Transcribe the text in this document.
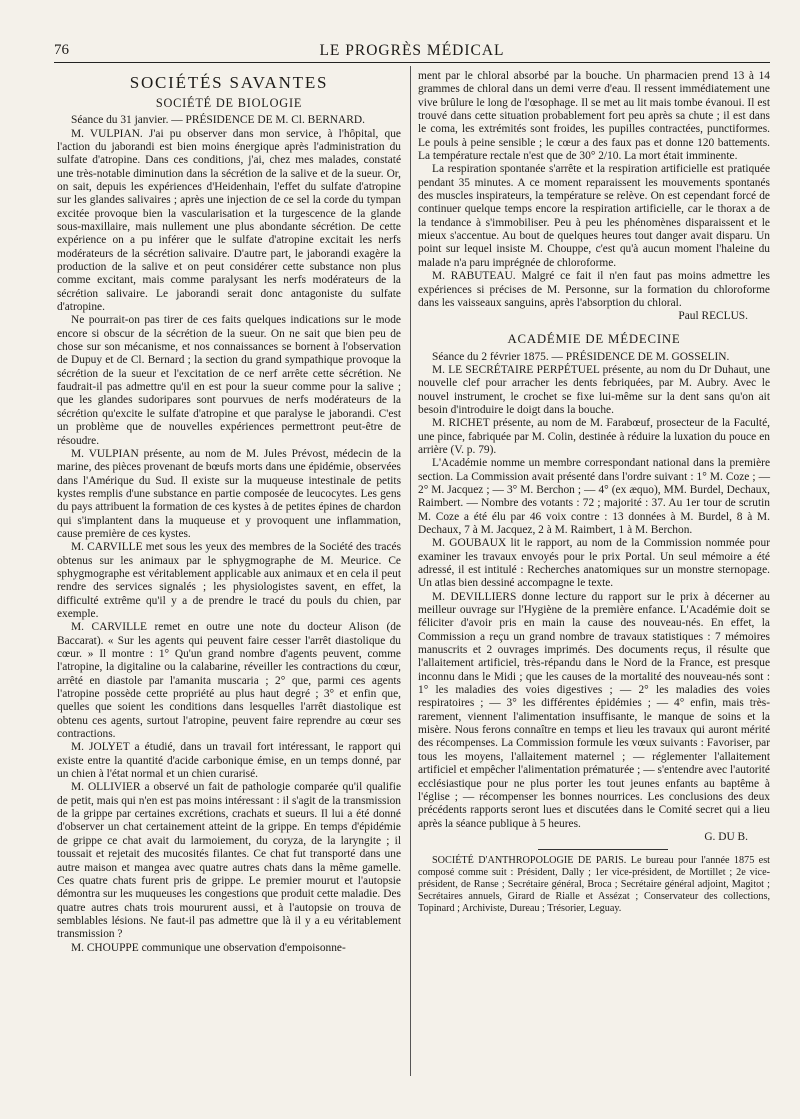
76	LE PROGRÈS MÉDICAL
SOCIÉTÉS SAVANTES
SOCIÉTÉ DE BIOLOGIE

Séance du 31 janvier. — PRÉSIDENCE DE M. Cl. BERNARD.

M. VULPIAN. J'ai pu observer dans mon service, à l'hôpital, que l'action du jaborandi est bien moins énergique après l'administration du sulfate d'atropine. Dans ces conditions, j'ai, chez mes malades, constaté une très-notable diminution dans la sécrétion de la salive et de la sueur. Or, on sait, depuis les expériences d'Heidenhain, l'effet du sulfate d'atropine sur les glandes salivaires ; après une injection de ce sel la corde du tympan excitée provoque bien la vascularisation et la turgescence de la glande sous-maxillaire, mais nullement une plus abondante sécrétion. De cette expérience on a pu inférer que le sulfate d'atropine excitait les nerfs modérateurs de la sécrétion salivaire. D'autre part, le jaborandi exagère la production de la salive et on peut considérer cette substance non plus comme excitant, mais comme paralysant les nerfs modérateurs de la sécrétion salivaire. Le jaborandi serait donc antagoniste du sulfate d'atropine.

Ne pourrait-on pas tirer de ces faits quelques indications sur le mode encore si obscur de la sécrétion de la sueur. On ne sait que bien peu de chose sur son mécanisme, et nos connaissances se bornent à l'observation de Dupuy et de Cl. Bernard ; la section du grand sympathique provoque la sécrétion de la sueur et l'excitation de ce nerf arrête cette sécrétion. Ne faudrait-il pas admettre qu'il en est pour la sueur comme pour la salive ; que les glandes sudoripares sont pourvues de nerfs modérateurs de la sécrétion qu'excite le sulfate d'atropine et que paralyse le jaborandi. C'est un problème que de nouvelles expériences permettront peut-être de résoudre.

M. VULPIAN présente, au nom de M. Jules Prévost, médecin de la marine, des pièces provenant de bœufs morts dans une épidémie, observées dans l'Amérique du Sud. Il existe sur la muqueuse intestinale de petits kystes remplis d'une substance en partie composée de leucocytes. Les gens du pays attribuent la formation de ces kystes à de petites épines de chardon qui s'implantent dans la muqueuse et y provoquent une inflammation, cause première de ces kystes.

M. CARVILLE met sous les yeux des membres de la Société des tracés obtenus sur les animaux par le sphygmographe de M. Meurice. Ce sphygmographe est véritablement applicable aux animaux et en cela il peut rendre des services signalés ; les physiologistes savent, en effet, la difficulté extrême qu'il y a de prendre le tracé du pouls du chien, par exemple.

M. CARVILLE remet en outre une note du docteur Alison (de Baccarat). « Sur les agents qui peuvent faire cesser l'arrêt diastolique du cœur. » Il montre : 1° Qu'un grand nombre d'agents peuvent, comme l'atropine, la digitaline ou la calabarine, réveiller les contractions du cœur, arrêté en diastole par l'amanita muscaria ; 2° que, parmi ces agents l'atropine possède cette propriété au plus haut degré ; 3° et enfin que, quelles que soient les conditions dans lesquelles l'arrêt diastolique est obtenu ces agents, surtout l'atropine, peuvent faire reprendre au cœur ses contractions.

M. JOLYET a étudié, dans un travail fort intéressant, le rapport qui existe entre la quantité d'acide carbonique émise, en un temps donné, par un chien à l'état normal et un chien curarisé.

M. OLLIVIER a observé un fait de pathologie comparée qu'il qualifie de petit, mais qui n'en est pas moins intéressant : il s'agit de la transmission de la grippe par certaines excrétions, crachats et sueurs. Il lui a été donné d'observer un chat certainement atteint de la grippe. En temps d'épidémie de grippe ce chat avait du larmoiement, du coryza, de la laryngite ; il toussait et rejetait des mucosités filantes. Ce chat fut transporté dans une autre maison et mangea avec quatre autres chats dans la même gamelle. Ces quatre chats furent pris de grippe. Le premier mourut et l'autopsie démontra sur les muqueuses les congestions que produit cette maladie. Des quatre autres chats trois moururent aussi, et à l'autopsie on trouva de semblables lésions. Ne faut-il pas admettre que là il y a eu véritablement transmission ?

M. CHOUPPE communique une observation d'empoisonne-

ment par le chloral absorbé par la bouche. Un pharmacien prend 13 à 14 grammes de chloral dans un demi verre d'eau. Il ressent immédiatement une vive brûlure le long de l'œsophage. Il se met au lit mais tombe évanoui. Il est trouvé dans cette situation probablement fort peu après sa chute ; il est dans le coma, les extrémités sont froides, les pupilles contractées, punctiformes. Le pouls à peine sensible ; le cœur a des faux pas et donne 120 battements. La température rectale n'est que de 30° 2/10. La mort était imminente.

La respiration spontanée s'arrête et la respiration artificielle est pratiquée pendant 35 minutes. A ce moment reparaissent les mouvements spontanés des muscles inspirateurs, la température se relève. On est cependant forcé de continuer quelque temps encore la respiration artificielle, car le thorax a de la tendance à s'immobiliser. Peu à peu les phénomènes disparaissent et le mieux s'accentue. Au bout de quelques heures tout danger avait disparu. Un point sur lequel insiste M. Chouppe, c'est qu'à aucun moment l'haleine du malade n'a paru imprégnée de chloroforme.

M. RABUTEAU. Malgré ce fait il n'en faut pas moins admettre les expériences si précises de M. Personne, sur la formation du chloroforme dans les vaisseaux sanguins, après l'absorption du chloral.

Paul RECLUS.

ACADÉMIE DE MÉDECINE

Séance du 2 février 1875. — PRÉSIDENCE DE M. GOSSELIN.

M. LE SECRÉTAIRE PERPÉTUEL présente, au nom du Dr Duhaut, une nouvelle clef pour arracher les dents febriquées, par M. Aubry. Avec le nouvel instrument, le crochet se fixe lui-même sur la dent sans qu'on ait besoin d'introduire le doigt dans la bouche.

M. RICHET présente, au nom de M. Farabœuf, prosecteur de la Faculté, une pince, fabriquée par M. Colin, destinée à réduire la luxation du pouce en arrière (V. p. 79).

L'Académie nomme un membre correspondant national dans la première section. La Commission avait présenté dans l'ordre suivant : 1° M. Coze ; — 2° M. Jacquez ; — 3° M. Berchon ; — 4° (ex æquo), MM. Burdel, Dechaux, Raimbert. — Nombre des votants : 72 ; majorité : 37. Au 1er tour de scrutin M. Coze a été élu par 46 voix contre : 13 données à M. Burdel, 8 à M. Dechaux, 7 à M. Jacquez, 2 à M. Raimbert, 1 à M. Berchon.

M. GOUBAUX lit le rapport, au nom de la Commission nommée pour examiner les travaux envoyés pour le prix Portal. Un seul mémoire a été adressé, il est intitulé : Recherches anatomiques sur un monstre sternopage. Un atlas bien dessiné accompagne le texte.

M. DEVILLIERS donne lecture du rapport sur le prix à décerner au meilleur ouvrage sur l'Hygiène de la première enfance. L'Académie doit se féliciter d'avoir pris en main la cause des nouveau-nés. En effet, la Commission a reçu un grand nombre de travaux statistiques : 7 mémoires manuscrits et 2 ouvrages imprimés. Des documents reçus, il résulte que l'allaitement artificiel, très-répandu dans le Nord de la France, est presque inconnu dans le Midi ; que les causes de la mortalité des nouveau-nés sont : 1° les maladies des voies digestives ; — 2° les maladies des voies respiratoires ; — 3° les différentes épidémies ; — 4° enfin, mais très-rarement, viennent l'alimentation insuffisante, le manque de soins et la misère. Nous ferons connaître en temps et lieu les travaux qui auront mérité des récompenses. La Commission formule les vœux suivants : Favoriser, par tous les moyens, l'allaitement maternel ; — réglementer l'allaitement artificiel et empêcher l'alimentation prématurée ; — s'entendre avec l'autorité ecclésiastique pour ne plus porter les tout jeunes enfants au baptême à l'église ; — récompenser les bonnes nourrices. Les conclusions des deux précédents rapports seront lues et discutées dans le Comité secret qui a lieu après la séance publique à 5 heures.

G. DU B.

SOCIÉTÉ D'ANTHROPOLOGIE DE PARIS. Le bureau pour l'année 1875 est composé comme suit : Président, Dally ; 1er vice-président, de Mortillet ; 2e vice-président, de Ranse ; Secrétaire général, Broca ; Secrétaire général adjoint, Magitot ; Secrétaires annuels, Girard de Rialle et Assézat ; Conservateur des collections, Topinard ; Archiviste, Dureau ; Trésorier, Leguay.
